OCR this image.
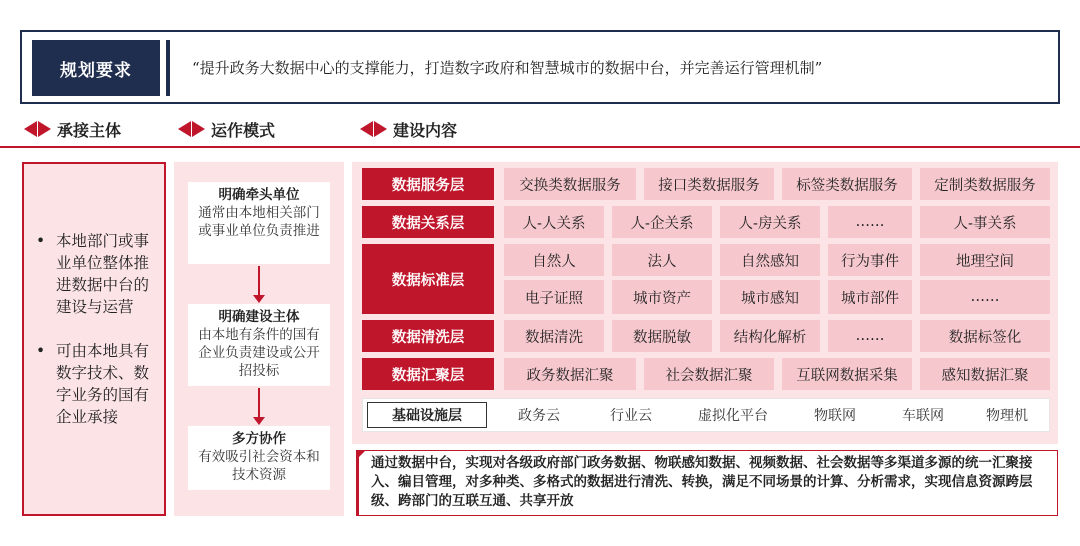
规划要求	“提升政务大数据中心的支撑能力，打造数字政府和智慧城市的数据中台，并完善运行管理机制”
承接主体	运作模式	建设内容
• 本地部门或事业单位整体推进数据中台的建设与运营
• 可由本地具有数字技术、数字业务的国有企业承接
明确牵头单位
通常由本地相关部门或事业单位负责推进
明确建设主体
由本地有条件的国有企业负责建设或公开招投标
多方协作
有效吸引社会资本和技术资源
数据服务层	交换类数据服务	接口类数据服务	标签类数据服务	定制类数据服务
数据关系层	人-人关系	人-企关系	人-房关系	……	人-事关系
数据标准层
自然人	法人	自然感知	行为事件	地理空间
电子证照	城市资产	城市感知	城市部件	……
数据清洗层	数据清洗	数据脱敏	结构化解析	……	数据标签化
数据汇聚层	政务数据汇聚	社会数据汇聚	互联网数据采集	感知数据汇聚
基础设施层	政务云	行业云	虚拟化平台	物联网	车联网	物理机
通过数据中台，实现对各级政府部门政务数据、物联感知数据、视频数据、社会数据等多渠道多源的统一汇聚接入、编目管理，对多种类、多格式的数据进行清洗、转换，满足不同场景的计算、分析需求，实现信息资源跨层级、跨部门的互联互通、共享开放
